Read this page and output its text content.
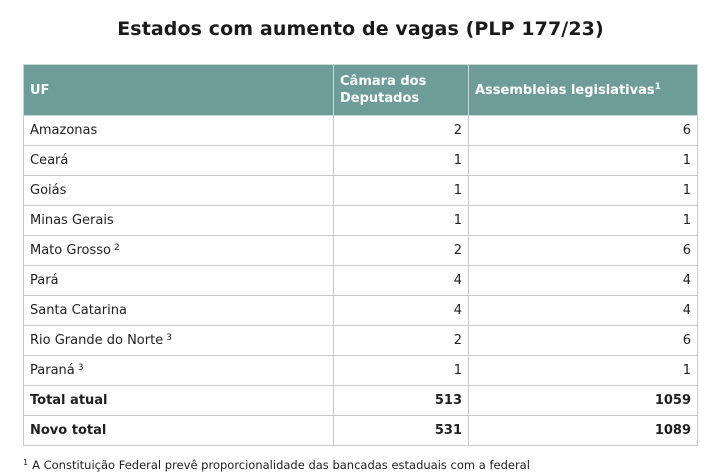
Estados com aumento de vagas (PLP 177/23)
UF	Câmara dos Deputados	Assembleias legislativas$^1$
Amazonas	2	6
Ceará	1	1
Goiás	1	1
Minas Gerais	1	1
Mato Grosso $^2$	2	6
Pará	4	4
Santa Catarina	4	4
Rio Grande do Norte $^3$	2	6
Paraná $^3$	1	1
Total atual	513	1059
Novo total	531	1089
$^1$ A Constituição Federal prevê proporcionalidade das bancadas estaduais com a federal
